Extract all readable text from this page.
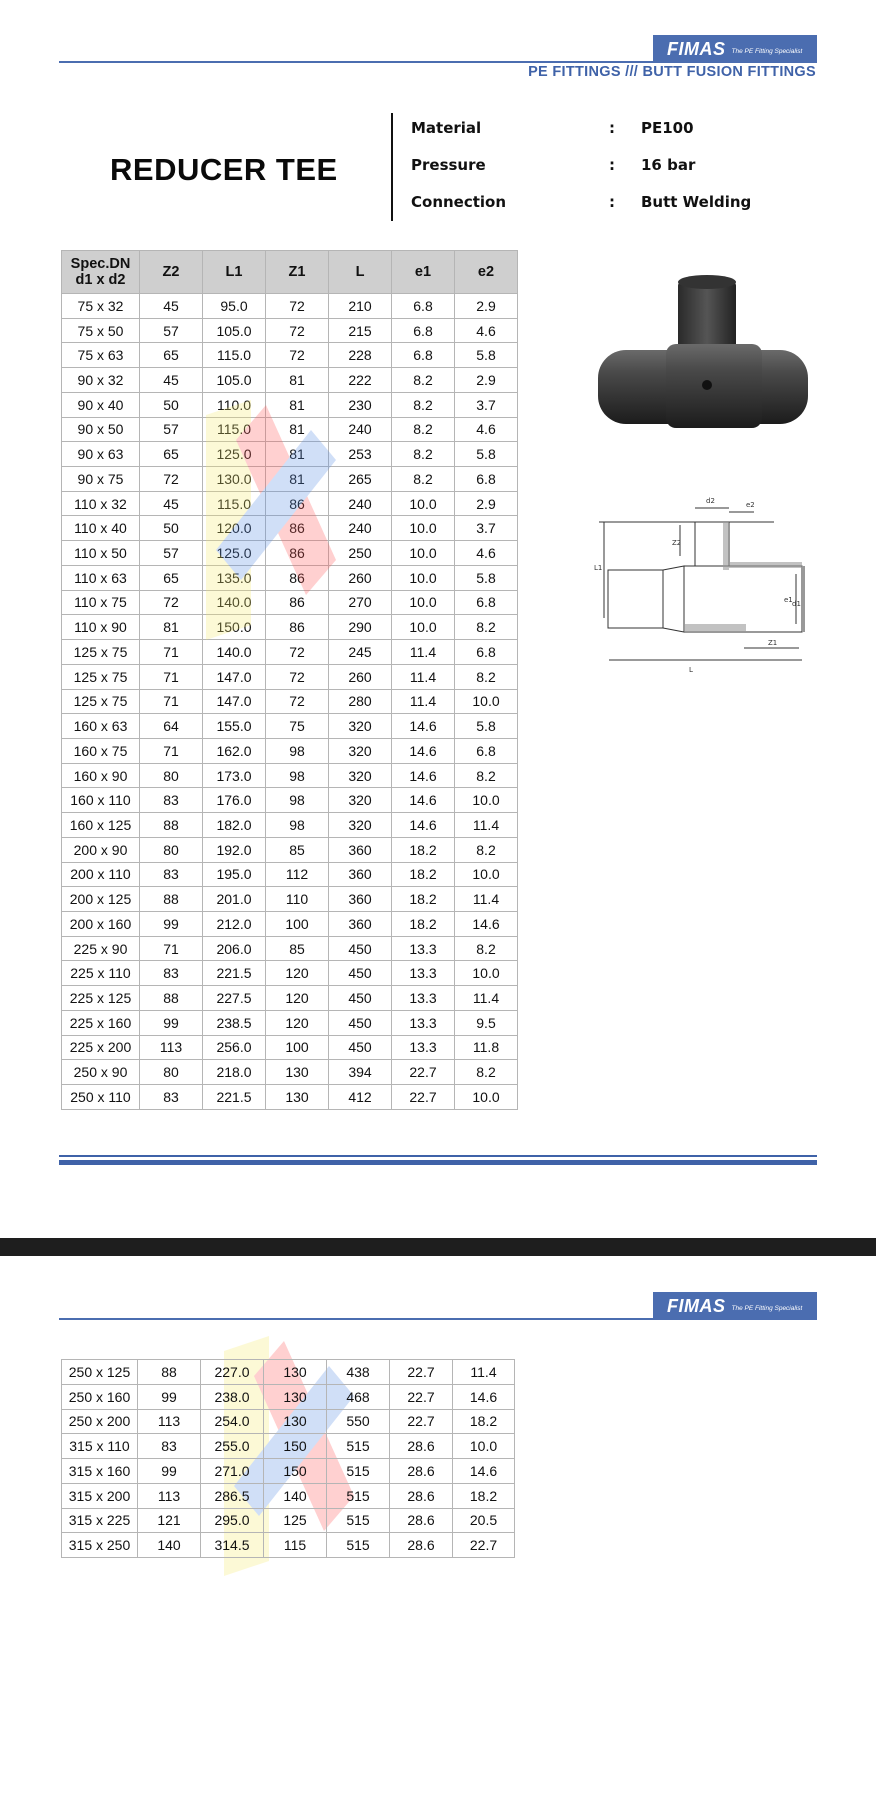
FIMAS The PE Fitting Specialist
PE FITTINGS /// BUTT FUSION FITTINGS
REDUCER TEE
Material	: PE100
Pressure	: 16 bar
Connection	: Butt Welding
Spec.DN
d1 x d2	Z2	L1	Z1	L	e1	e2
75 x 32	45	95.0	72	210	6.8	2.9
75 x 50	57	105.0	72	215	6.8	4.6
75 x 63	65	115.0	72	228	6.8	5.8
90 x 32	45	105.0	81	222	8.2	2.9
90 x 40	50	110.0	81	230	8.2	3.7
90 x 50	57	115.0	81	240	8.2	4.6
90 x 63	65	125.0	81	253	8.2	5.8
90 x 75	72	130.0	81	265	8.2	6.8
110 x 32	45	115.0	86	240	10.0	2.9
110 x 40	50	120.0	86	240	10.0	3.7
110 x 50	57	125.0	86	250	10.0	4.6
110 x 63	65	135.0	86	260	10.0	5.8
110 x 75	72	140.0	86	270	10.0	6.8
110 x 90	81	150.0	86	290	10.0	8.2
125 x 75	71	140.0	72	245	11.4	6.8
125 x 75	71	147.0	72	260	11.4	8.2
125 x 75	71	147.0	72	280	11.4	10.0
160 x 63	64	155.0	75	320	14.6	5.8
160 x 75	71	162.0	98	320	14.6	6.8
160 x 90	80	173.0	98	320	14.6	8.2
160 x 110	83	176.0	98	320	14.6	10.0
160 x 125	88	182.0	98	320	14.6	11.4
200 x 90	80	192.0	85	360	18.2	8.2
200 x 110	83	195.0	112	360	18.2	10.0
200 x 125	88	201.0	110	360	18.2	11.4
200 x 160	99	212.0	100	360	18.2	14.6
225 x 90	71	206.0	85	450	13.3	8.2
225 x 110	83	221.5	120	450	13.3	10.0
225 x 125	88	227.5	120	450	13.3	11.4
225 x 160	99	238.5	120	450	13.3	9.5
225 x 200	113	256.0	100	450	13.3	11.8
250 x 90	80	218.0	130	394	22.7	8.2
250 x 110	83	221.5	130	412	22.7	10.0
d2	e2
Z2
L1
e1 d1
Z1
L
FIMAS The PE Fitting Specialist
250 x 125	88	227.0	130	438	22.7	11.4
250 x 160	99	238.0	130	468	22.7	14.6
250 x 200	113	254.0	130	550	22.7	18.2
315 x 110	83	255.0	150	515	28.6	10.0
315 x 160	99	271.0	150	515	28.6	14.6
315 x 200	113	286.5	140	515	28.6	18.2
315 x 225	121	295.0	125	515	28.6	20.5
315 x 250	140	314.5	115	515	28.6	22.7
